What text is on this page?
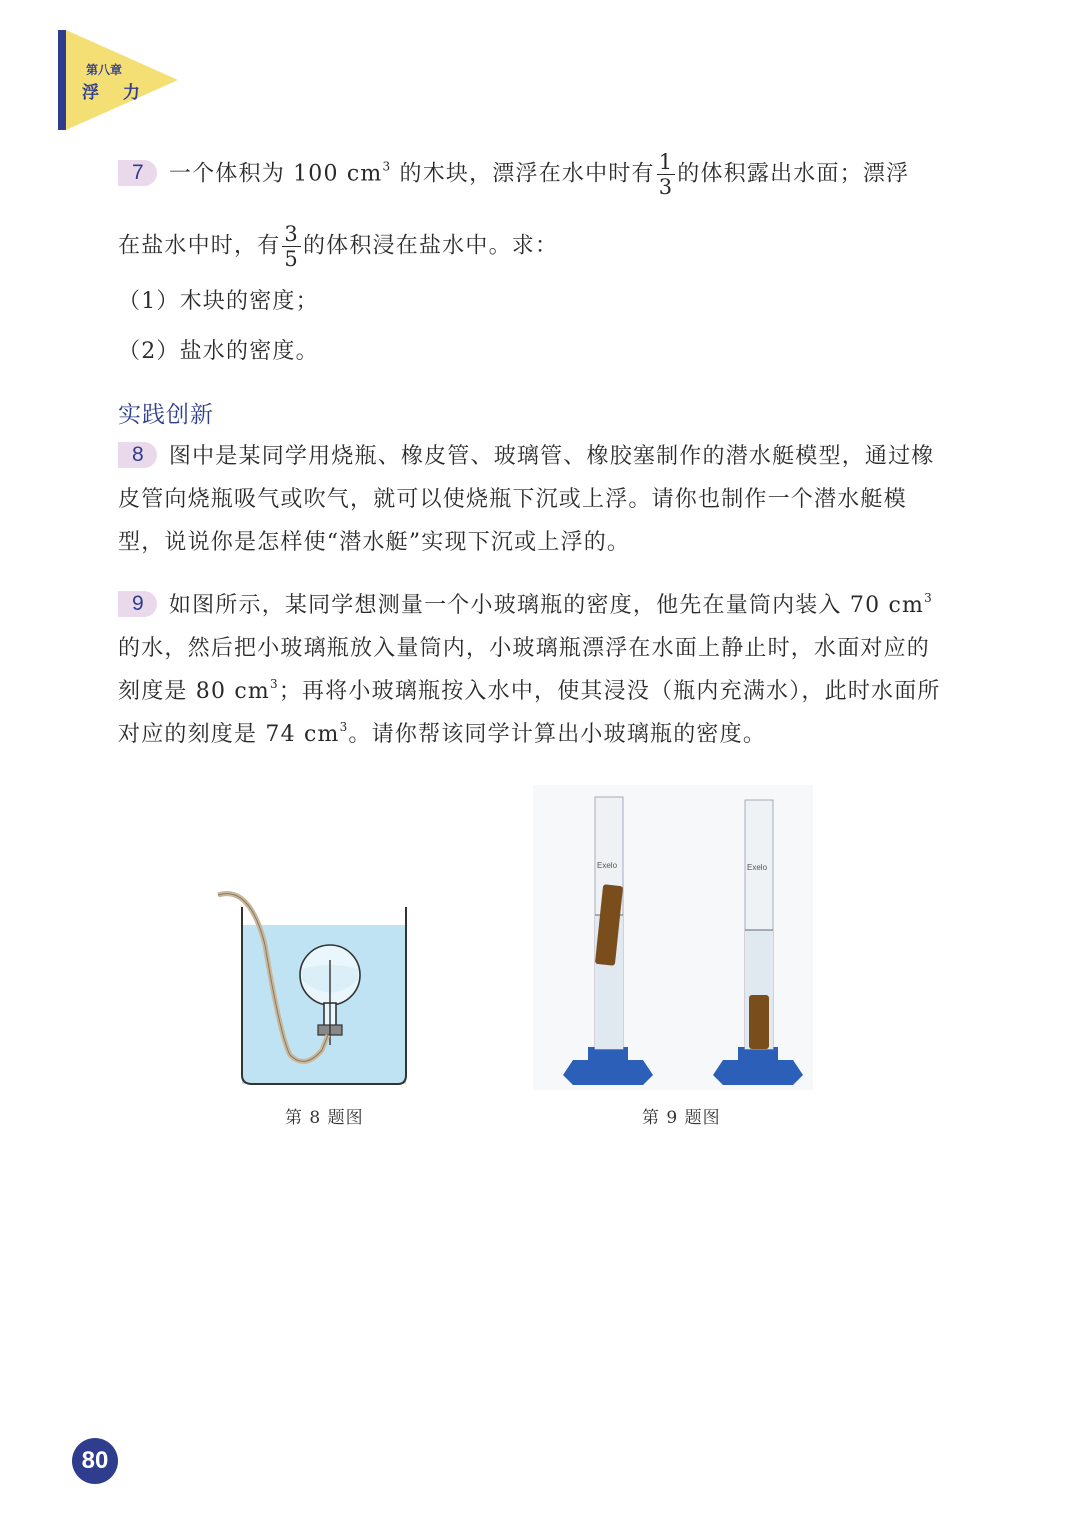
第八章
浮 力

7 一个体积为 100 $cm^3$ 的木块，漂浮在水中时有 $\frac{1}{3}$ 的体积露出水面；漂浮

在盐水中时，有 $\frac{3}{5}$ 的体积浸在盐水中。求：

（1）木块的密度；

（2）盐水的密度。

实践创新

8 图中是某同学用烧瓶、橡皮管、玻璃管、橡胶塞制作的潜水艇模型，通过橡皮管向烧瓶吸气或吹气，就可以使烧瓶下沉或上浮。请你也制作一个潜水艇模型，说说你是怎样使“潜水艇”实现下沉或上浮的。

9 如图所示，某同学想测量一个小玻璃瓶的密度，他先在量筒内装入 70 $cm^3$的水，然后把小玻璃瓶放入量筒内，小玻璃瓶漂浮在水面上静止时，水面对应的刻度是 80 $cm^3$；再将小玻璃瓶按入水中，使其浸没（瓶内充满水），此时水面所对应的刻度是 74 $cm^3$。请你帮该同学计算出小玻璃瓶的密度。

Exelo	Exelo
第 8 题图	第 9 题图
80
